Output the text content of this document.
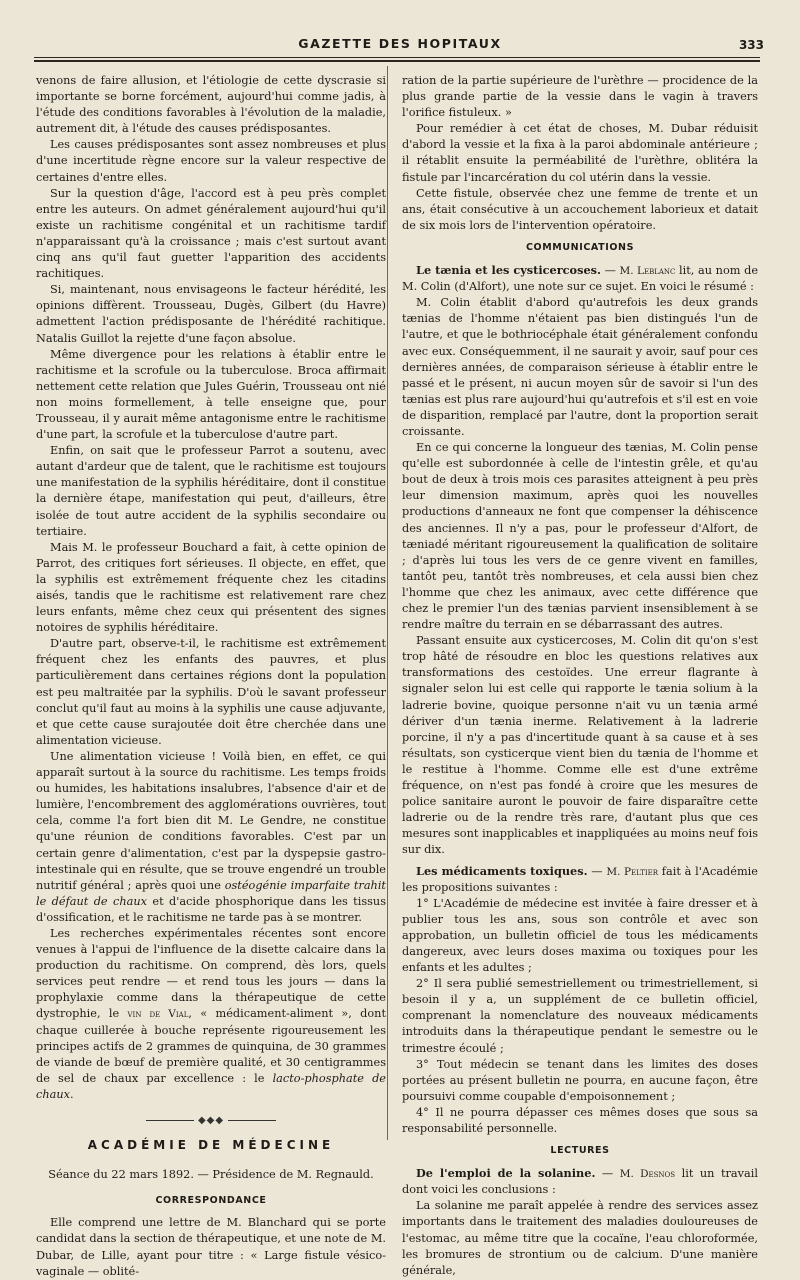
GAZETTE DES HOPITAUX	333

venons de faire allusion, et l'étiologie de cette dyscrasie si importante se borne forcément, aujourd'hui comme jadis, à l'étude des conditions favorables à l'évolution de la maladie, autrement dit, à l'étude des causes prédisposantes.

Les causes prédisposantes sont assez nombreuses et plus d'une incertitude règne encore sur la valeur respective de certaines d'entre elles.

Sur la question d'âge, l'accord est à peu près complet entre les auteurs. On admet généralement aujourd'hui qu'il existe un rachitisme congénital et un rachitisme tardif n'apparaissant qu'à la croissance ; mais c'est surtout avant cinq ans qu'il faut guetter l'apparition des accidents rachitiques.

Si, maintenant, nous envisageons le facteur hérédité, les opinions diffèrent. Trousseau, Dugès, Gilbert (du Havre) admettent l'action prédisposante de l'hérédité rachitique. Natalis Guillot la rejette d'une façon absolue.

Même divergence pour les relations à établir entre le rachitisme et la scrofule ou la tuberculose. Broca affirmait nettement cette relation que Jules Guérin, Trousseau ont nié non moins formellement, à telle enseigne que, pour Trousseau, il y aurait même antagonisme entre le rachitisme d'une part, la scrofule et la tuberculose d'autre part.

Enfin, on sait que le professeur Parrot a soutenu, avec autant d'ardeur que de talent, que le rachitisme est toujours une manifestation de la syphilis héréditaire, dont il constitue la dernière étape, manifestation qui peut, d'ailleurs, être isolée de tout autre accident de la syphilis secondaire ou tertiaire.

Mais M. le professeur Bouchard a fait, à cette opinion de Parrot, des critiques fort sérieuses. Il objecte, en effet, que la syphilis est extrêmement fréquente chez les citadins aisés, tandis que le rachitisme est relativement rare chez leurs enfants, même chez ceux qui présentent des signes notoires de syphilis héréditaire.

D'autre part, observe-t-il, le rachitisme est extrêmement fréquent chez les enfants des pauvres, et plus particulièrement dans certaines régions dont la population est peu maltraitée par la syphilis. D'où le savant professeur conclut qu'il faut au moins à la syphilis une cause adjuvante, et que cette cause surajoutée doit être cherchée dans une alimentation vicieuse.

Une alimentation vicieuse ! Voilà bien, en effet, ce qui apparaît surtout à la source du rachitisme. Les temps froids ou humides, les habitations insalubres, l'absence d'air et de lumière, l'encombrement des agglomérations ouvrières, tout cela, comme l'a fort bien dit M. Le Gendre, ne constitue qu'une réunion de conditions favorables. C'est par un certain genre d'alimentation, c'est par la dyspepsie gastro-intestinale qui en résulte, que se trouve engendré un trouble nutritif général ; après quoi une ostéogénie imparfaite trahit le défaut de chaux et d'acide phosphorique dans les tissus d'ossification, et le rachitisme ne tarde pas à se montrer.

Les recherches expérimentales récentes sont encore venues à l'appui de l'influence de la disette calcaire dans la production du rachitisme. On comprend, dès lors, quels services peut rendre — et rend tous les jours — dans la prophylaxie comme dans la thérapeutique de cette dystrophie, le vin de Vial, « médicament-aliment », dont chaque cuillerée à bouche représente rigoureusement les principes actifs de 2 grammes de quinquina, de 30 grammes de viande de bœuf de première qualité, et 30 centigrammes de sel de chaux par excellence : le lacto-phosphate de chaux.

◆◆◆
ACADÉMIE DE MÉDECINE
Séance du 22 mars 1892. — Présidence de M. Regnauld.
CORRESPONDANCE

Elle comprend une lettre de M. Blanchard qui se porte candidat dans la section de thérapeutique, et une note de M. Dubar, de Lille, ayant pour titre : « Large fistule vésico-vaginale — oblité-

ration de la partie supérieure de l'urèthre — procidence de la plus grande partie de la vessie dans le vagin à travers l'orifice fistuleux. »

Pour remédier à cet état de choses, M. Dubar réduisit d'abord la vessie et la fixa à la paroi abdominale antérieure ; il rétablit ensuite la perméabilité de l'urèthre, oblitéra la fistule par l'incarcération du col utérin dans la vessie.

Cette fistule, observée chez une femme de trente et un ans, était consécutive à un accouchement laborieux et datait de six mois lors de l'intervention opératoire.

COMMUNICATIONS

Le tænia et les cysticercoses. — M. Leblanc lit, au nom de M. Colin (d'Alfort), une note sur ce sujet. En voici le résumé :

M. Colin établit d'abord qu'autrefois les deux grands tænias de l'homme n'étaient pas bien distingués l'un de l'autre, et que le bothriocéphale était généralement confondu avec eux. Conséquemment, il ne saurait y avoir, sauf pour ces dernières années, de comparaison sérieuse à établir entre le passé et le présent, ni aucun moyen sûr de savoir si l'un des tænias est plus rare aujourd'hui qu'autrefois et s'il est en voie de disparition, remplacé par l'autre, dont la proportion serait croissante.

En ce qui concerne la longueur des tænias, M. Colin pense qu'elle est subordonnée à celle de l'intestin grêle, et qu'au bout de deux à trois mois ces parasites atteignent à peu près leur dimension maximum, après quoi les nouvelles productions d'anneaux ne font que compenser la déhiscence des anciennes. Il n'y a pas, pour le professeur d'Alfort, de tæniadé méritant rigoureusement la qualification de solitaire ; d'après lui tous les vers de ce genre vivent en familles, tantôt peu, tantôt très nombreuses, et cela aussi bien chez l'homme que chez les animaux, avec cette différence que chez le premier l'un des tænias parvient insensiblement à se rendre maître du terrain en se débarrassant des autres.

Passant ensuite aux cysticercoses, M. Colin dit qu'on s'est trop hâté de résoudre en bloc les questions relatives aux transformations des cestoïdes. Une erreur flagrante à signaler selon lui est celle qui rapporte le tænia solium à la ladrerie bovine, quoique personne n'ait vu un tænia armé dériver d'un tænia inerme. Relativement à la ladrerie porcine, il n'y a pas d'incertitude quant à sa cause et à ses résultats, son cysticerque vient bien du tænia de l'homme et le restitue à l'homme. Comme elle est d'une extrême fréquence, on n'est pas fondé à croire que les mesures de police sanitaire auront le pouvoir de faire disparaître cette ladrerie ou de la rendre très rare, d'autant plus que ces mesures sont inapplicables et inappliquées au moins neuf fois sur dix.

Les médicaments toxiques. — M. Peltier fait à l'Académie les propositions suivantes :

1° L'Académie de médecine est invitée à faire dresser et à publier tous les ans, sous son contrôle et avec son approbation, un bulletin officiel de tous les médicaments dangereux, avec leurs doses maxima ou toxiques pour les enfants et les adultes ;

2° Il sera publié semestriellement ou trimestriellement, si besoin il y a, un supplément de ce bulletin officiel, comprenant la nomenclature des nouveaux médicaments introduits dans la thérapeutique pendant le semestre ou le trimestre écoulé ;

3° Tout médecin se tenant dans les limites des doses portées au présent bulletin ne pourra, en aucune façon, être poursuivi comme coupable d'empoisonnement ;

4° Il ne pourra dépasser ces mêmes doses que sous sa responsabilité personnelle.

LECTURES

De l'emploi de la solanine. — M. Desnos lit un travail dont voici les conclusions :

La solanine me paraît appelée à rendre des services assez importants dans le traitement des maladies douloureuses de l'estomac, au même titre que la cocaïne, l'eau chloroformée, les bromures de strontium ou de calcium. D'une manière générale,
